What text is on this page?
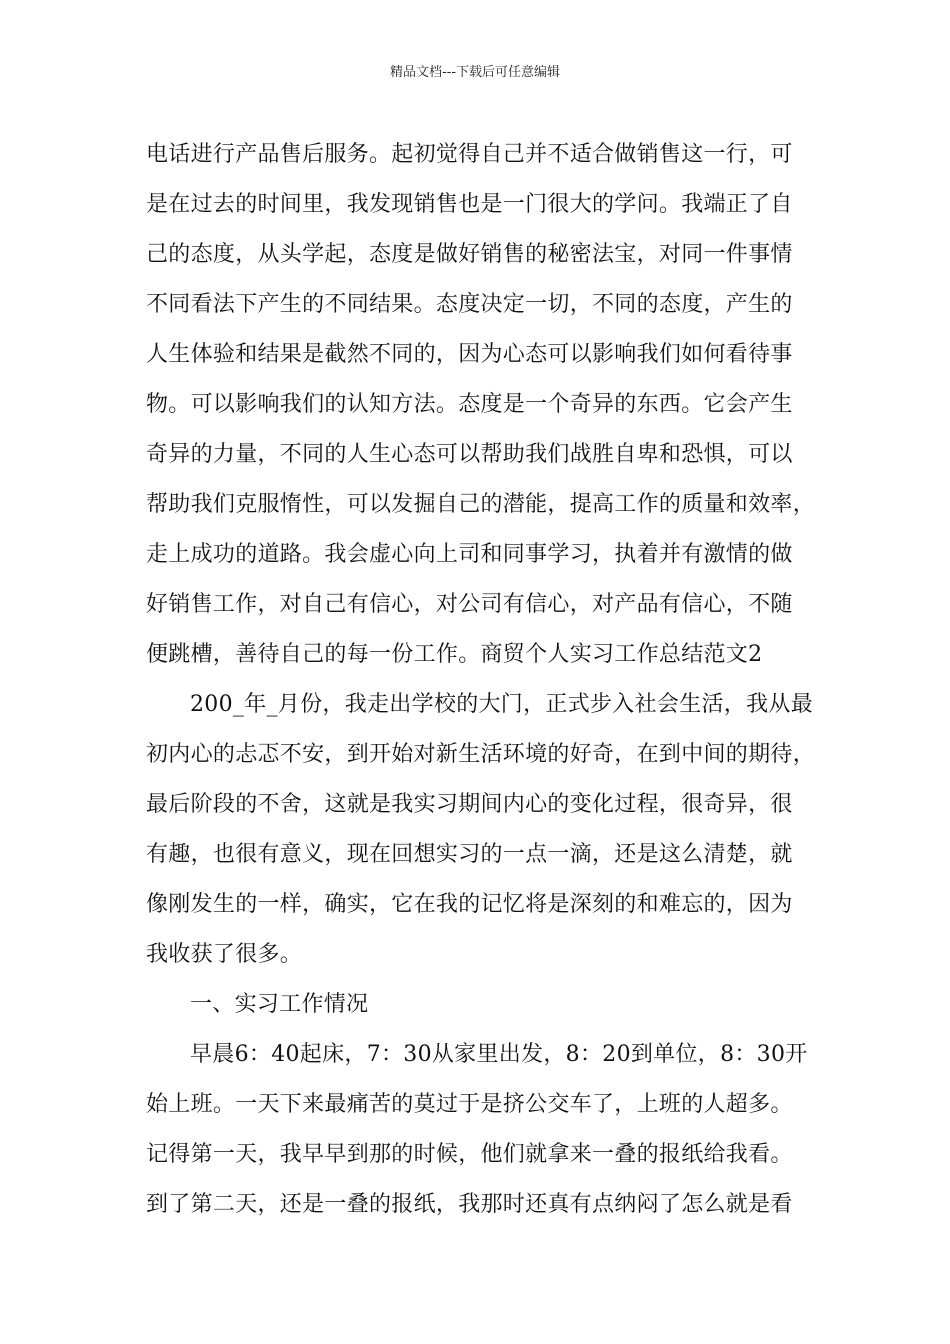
精品文档---下载后可任意编辑
电话进行产品售后服务。起初觉得自己并不适合做销售这一行，可
是在过去的时间里，我发现销售也是一门很大的学问。我端正了自
己的态度，从头学起，态度是做好销售的秘密法宝，对同一件事情
不同看法下产生的不同结果。态度决定一切，不同的态度，产生的
人生体验和结果是截然不同的，因为心态可以影响我们如何看待事
物。可以影响我们的认知方法。态度是一个奇异的东西。它会产生
奇异的力量，不同的人生心态可以帮助我们战胜自卑和恐惧，可以
帮助我们克服惰性，可以发掘自己的潜能，提高工作的质量和效率，
走上成功的道路。我会虚心向上司和同事学习，执着并有激情的做
好销售工作，对自己有信心，对公司有信心，对产品有信心，不随
便跳槽，善待自己的每一份工作。商贸个人实习工作总结范文2
200_年_月份，我走出学校的大门，正式步入社会生活，我从最
初内心的忐忑不安，到开始对新生活环境的好奇，在到中间的期待，
最后阶段的不舍，这就是我实习期间内心的变化过程，很奇异，很
有趣，也很有意义，现在回想实习的一点一滴，还是这么清楚，就
像刚发生的一样，确实，它在我的记忆将是深刻的和难忘的，因为
我收获了很多。
一、实习工作情况
早晨6：40起床，7：30从家里出发，8：20到单位，8：30开
始上班。一天下来最痛苦的莫过于是挤公交车了，上班的人超多。
记得第一天，我早早到那的时候，他们就拿来一叠的报纸给我看。
到了第二天，还是一叠的报纸，我那时还真有点纳闷了怎么就是看
